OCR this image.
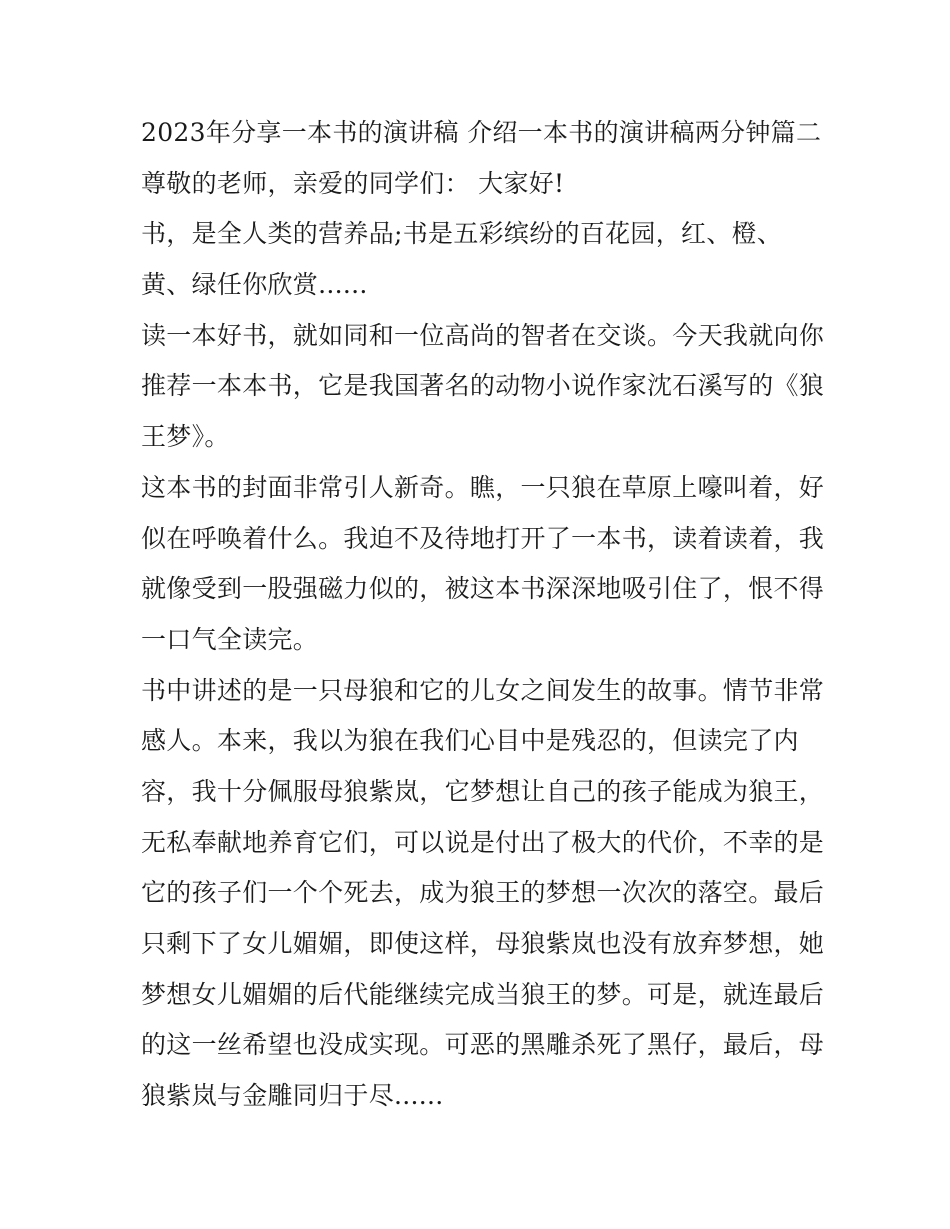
2023年分享一本书的演讲稿 介绍一本书的演讲稿两分钟篇二
尊敬的老师，亲爱的同学们： 大家好!
书，是全人类的营养品;书是五彩缤纷的百花园，红、橙、
黄、绿任你欣赏......
读一本好书，就如同和一位高尚的智者在交谈。今天我就向你
推荐一本本书，它是我国著名的动物小说作家沈石溪写的《狼
王梦》。
这本书的封面非常引人新奇。瞧，一只狼在草原上嚎叫着，好
似在呼唤着什么。我迫不及待地打开了一本书，读着读着，我
就像受到一股强磁力似的，被这本书深深地吸引住了，恨不得
一口气全读完。
书中讲述的是一只母狼和它的儿女之间发生的故事。情节非常
感人。本来，我以为狼在我们心目中是残忍的，但读完了内
容，我十分佩服母狼紫岚，它梦想让自己的孩子能成为狼王，
无私奉献地养育它们，可以说是付出了极大的代价，不幸的是
它的孩子们一个个死去，成为狼王的梦想一次次的落空。最后
只剩下了女儿媚媚，即使这样，母狼紫岚也没有放弃梦想，她
梦想女儿媚媚的后代能继续完成当狼王的梦。可是，就连最后
的这一丝希望也没成实现。可恶的黑雕杀死了黑仔，最后，母
狼紫岚与金雕同归于尽......
